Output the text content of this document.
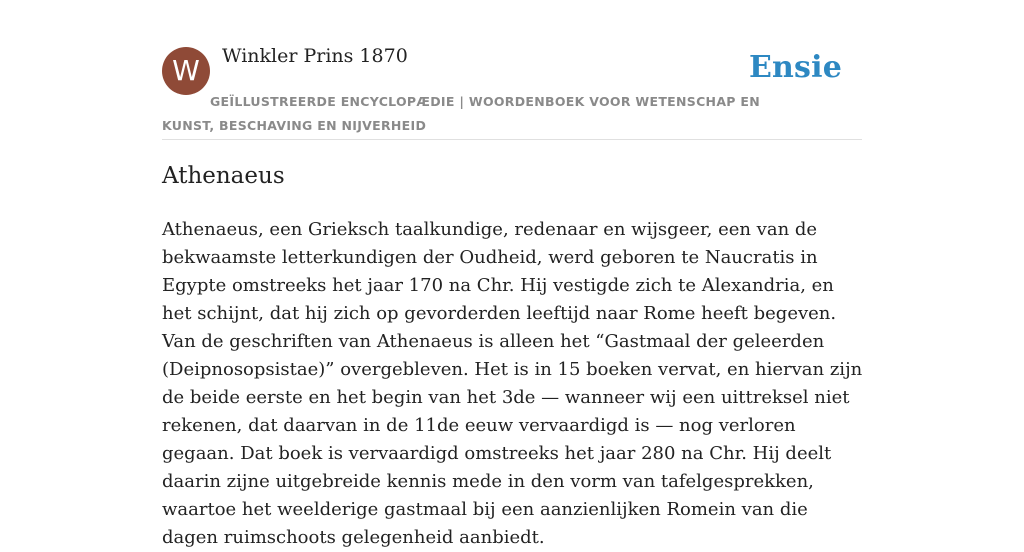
W	Winkler Prins 1870	Ensie
GEÏLLUSTREERDE ENCYCLOPÆDIE | WOORDENBOEK VOOR WETENSCHAP EN KUNST, BESCHAVING EN NIJVERHEID
Athenaeus

Athenaeus, een Grieksch taalkundige, redenaar en wijsgeer, een van de bekwaamste letterkundigen der Oudheid, werd geboren te Naucratis in Egypte omstreeks het jaar 170 na Chr. Hij vestigde zich te Alexandria, en het schijnt, dat hij zich op gevorderden leeftijd naar Rome heeft begeven. Van de geschriften van Athenaeus is alleen het “Gastmaal der geleerden (Deipnosopsistae)” overgebleven. Het is in 15 boeken vervat, en hiervan zijn de beide eerste en het begin van het 3de — wanneer wij een uittreksel niet rekenen, dat daarvan in de 11de eeuw vervaardigd is — nog verloren gegaan. Dat boek is vervaardigd omstreeks het jaar 280 na Chr. Hij deelt daarin zijne uitgebreide kennis mede in den vorm van tafelgesprekken, waartoe het weelderige gastmaal bij een aanzienlijken Romein van die dagen ruimschoots gelegenheid aanbiedt.
